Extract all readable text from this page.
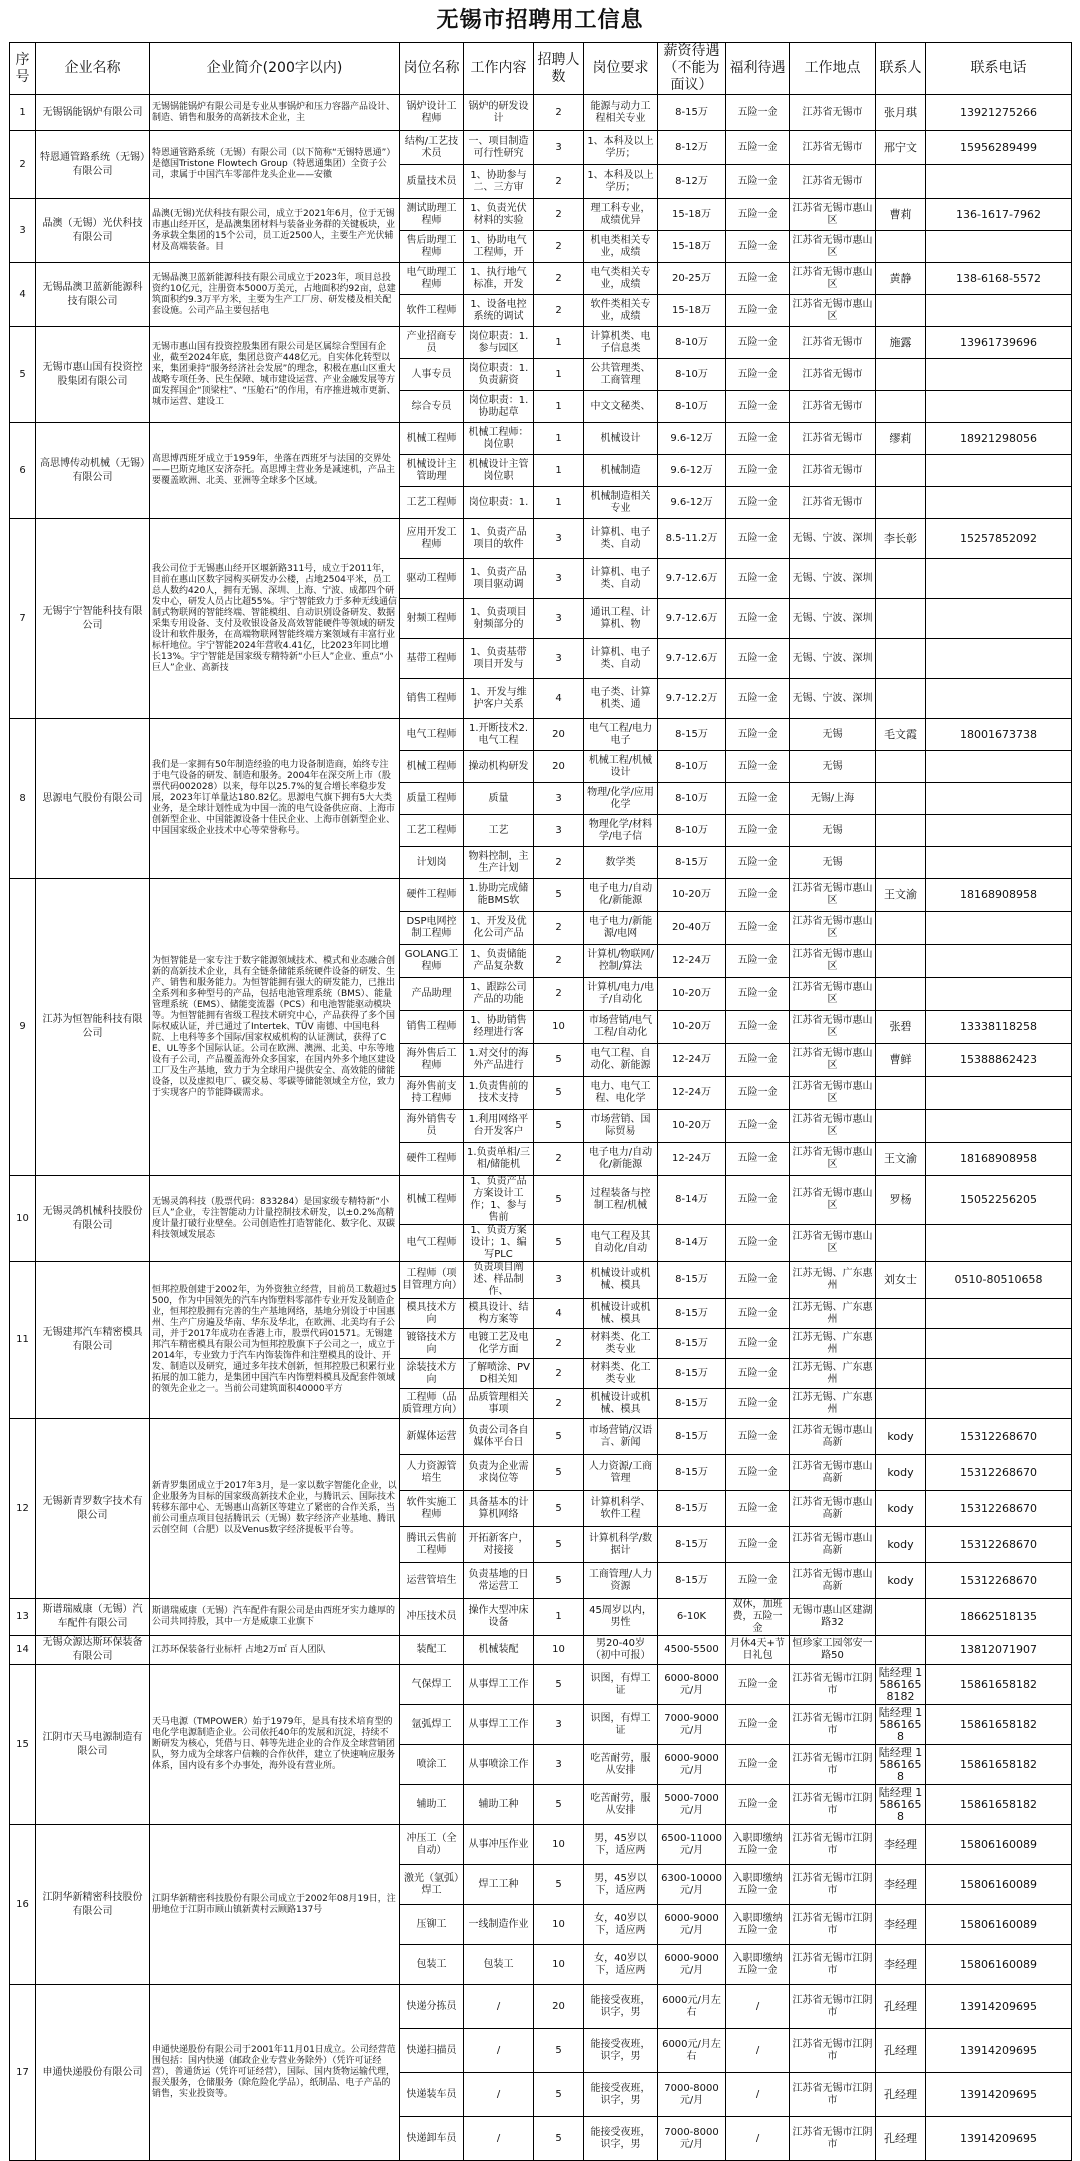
无锡市招聘用工信息
序号	企业名称	企业简介(200字以内)	岗位名称	工作内容	招聘人数	岗位要求	薪资待遇（不能为面议）	福利待遇	工作地点	联系人	联系电话
1	无锡锅能锅炉有限公司	无锡锅能锅炉有限公司是专业从事锅炉和压力容器产品设计、制造、销售和服务的高新技术企业，主	锅炉设计工程师	锅炉的研发设计	2	能源与动力工程相关专业	8-15万	五险一金	江苏省无锡市	张月琪	13921275266
2	特恩通管路系统（无锡）有限公司	特恩通管路系统（无锡）有限公司（以下简称“无锡特恩通”）是德国Tristone Flowtech Group（特恩通集团）全资子公司，隶属于中国汽车零部件龙头企业——安徽	结构/工艺技术员	一、项目制造可行性研究	3	1、本科及以上学历；	8-12万	五险一金	江苏省无锡市	邢宁文	15956289499
			质量技术员	1、协助参与二、三方审	2	1、本科及以上学历；	8-12万	五险一金	江苏省无锡市		
3	晶澳（无锡）光伏科技有限公司	晶澳(无锡)光伏科技有限公司，成立于2021年6月，位于无锡市惠山经开区，是晶澳集团材料与装备业务群的关键板块，业务承载全集团的15个公司，员工近2500人，主要生产光伏辅材及高端装备。目	测试助理工程师	1、负责光伏材料的实验	2	理工科专业，成绩优异	15-18万	五险一金	江苏省无锡市惠山区	曹莉	136-1617-7962
			售后助理工程师	1、协助电气工程师，开	2	机电类相关专业，成绩	15-18万	五险一金	江苏省无锡市惠山区		
4	无锡晶澳卫蓝新能源科技有限公司	无锡晶澳卫蓝新能源科技有限公司成立于2023年，项目总投资约10亿元，注册资本5000万美元，占地面积约92亩，总建筑面积约9.3万平方米，主要为生产工厂房、研发楼及相关配套设施。公司产品主要包括电	电气助理工程师	1、执行地气标准，开发	2	电气类相关专业，成绩	20-25万	五险一金	江苏省无锡市惠山区	黄静	138-6168-5572
			软件工程师	1、设备电控系统的调试	2	软件类相关专业，成绩	15-18万	五险一金	江苏省无锡市惠山区		
5	无锡市惠山国有投资控股集团有限公司	无锡市惠山国有投资控股集团有限公司是区属综合型国有企业，截至2024年底，集团总资产448亿元。自实体化转型以来，集团秉持“服务经济社会发展”的理念，积极在惠山区重大战略专项任务、民生保障、城市建设运营、产业金融发展等方面发挥国企“顶梁柱”、“压舱石”的作用，有序推进城市更新、城市运营、建设工	产业招商专员	岗位职责：1.参与园区	1	计算机类、电子信息类	8-10万	五险一金	江苏省无锡市	施露	13961739696
			人事专员	岗位职责：1.负责薪资	1	公共管理类、工商管理	8-10万	五险一金	江苏省无锡市		
			综合专员	岗位职责：1.协助起草	1	中文文秘类、	8-10万	五险一金	江苏省无锡市		
6	高思博传动机械（无锡）有限公司	高思博西班牙成立于1959年，坐落在西班牙与法国的交界处——巴斯克地区安济奈托。高思博主营业务是减速机，产品主要覆盖欧洲、北美、亚洲等全球多个区域。	机械工程师	机械工程师：岗位职	1	机械设计	9.6-12万	五险一金	江苏省无锡市	缪莉	18921298056
			机械设计主管助理	机械设计主管岗位职	1	机械制造	9.6-12万	五险一金	江苏省无锡市		
			工艺工程师	岗位职责：1.	1	机械制造相关专业	9.6-12万	五险一金	江苏省无锡市		
7	无锡宇宁智能科技有限公司	我公司位于无锡惠山经开区堰新路311号，成立于2011年，目前在惠山区数字园构买研发办公楼，占地2504平米，员工总人数约420人，拥有无锡、深圳、上海、宁波、成都四个研发中心，研发人员占比超55%。宇宁智能致力于多种无线通信制式物联网的智能终端、智能模组、自动识别设备研发、数据采集专用设备、支付及收银设备及高效智能硬件等领域的研发设计和软件服务，在高端物联网智能终端方案领域有丰富行业标杆地位。宇宁智能2024年营收4.41亿，比2023年同比增长13%。宇宁智能是国家级专精特新“小巨人”企业、重点“小巨人”企业、高新技	应用开发工程师	1、负责产品项目的软件	3	计算机、电子类、自动	8.5-11.2万	五险一金	无锡、宁波、深圳	李长彰	15257852092
			驱动工程师	1、负责产品项目驱动调	3	计算机、电子类、自动	9.7-12.6万	五险一金	无锡、宁波、深圳		
			射频工程师	1、负责项目射频部分的	3	通讯工程、计算机、物	9.7-12.6万	五险一金	无锡、宁波、深圳		
			基带工程师	1、负责基带项目开发与	3	计算机、电子类、自动	9.7-12.6万	五险一金	无锡、宁波、深圳		
			销售工程师	1、开发与维护客户关系	4	电子类、计算机类、通	9.7-12.2万	五险一金	无锡、宁波、深圳		
8	思源电气股份有限公司	我们是一家拥有50年制造经验的电力设备制造商，始终专注于电气设备的研发、制造和服务。2004年在深交所上市（股票代码002028）以来，每年以25.7%的复合增长率稳步发展，2023年订单量达180.82亿。思源电气旗下拥有5大大类业务，是全球计划性成为中国一流的电气设备供应商、上海市创新型企业、中国能源设备十佳民企业、上海市创新型企业、中国国家级企业技术中心等荣誉称号。	电气工程师	1.开断技术2.电气工程	20	电气工程/电力电子	8-15万	五险一金	无锡	毛文霞	18001673738
			机械工程师	操动机构研发	20	机械工程/机械设计	8-10万	五险一金	无锡		
			质量工程师	质量	3	物理/化学/应用化学	8-10万	五险一金	无锡/上海		
			工艺工程师	工艺	3	物理化学/材料学/电子信	8-10万	五险一金	无锡		
			计划岗	物料控制，主生产计划	2	数学类	8-15万	五险一金	无锡		
9	江苏为恒智能科技有限公司	为恒智能是一家专注于数字能源领域技术、模式和业态融合创新的高新技术企业，具有全链条储能系统硬件设备的研发、生产、销售和服务能力。为恒智能拥有强大的研发能力，已推出全系列和多种型号的产品，包括电池管理系统（BMS）、能量管理系统（EMS）、储能变流器（PCS）和电池智能驱动模块等。为恒智能拥有省级工程技术研究中心，产品获得了多个国际权威认证，并已通过了Intertek、TÜV 南德、中国电科院、上电科等多个国际/国家权威机构的认证测试，获得了CE、UL等多个国际认证。公司在欧洲、澳洲、北美、中东等地设有子公司，产品覆盖海外众多国家，在国内外多个地区建设工厂及生产基地，致力于为全球用户提供安全、高效能的储能设备，以及虚拟电厂、碳交易、零碳等储能领域全方位，致力于实现客户的节能降碳需求。	硬件工程师	1.协助完成储能BMS软	5	电子电力/自动化/新能源	10-20万	五险一金	江苏省无锡市惠山区	王文渝	18168908958
			DSP电网控制工程师	1、开发及优化公司产品	2	电子电力/新能源/电网	20-40万	五险一金	江苏省无锡市惠山区		
			GOLANG工程师	1、负责储能产品复杂数	2	计算机/物联网/控制/算法	12-24万	五险一金	江苏省无锡市惠山区		
			产品助理	1、跟踪公司产品的功能	2	计算机/电力/电子/自动化	10-20万	五险一金	江苏省无锡市惠山区		
			销售工程师	1、协助销售经理进行客	10	市场营销/电气工程/自动化	10-20万	五险一金	江苏省无锡市惠山区	张碧	13338118258
			海外售后工程师	1.对交付的海外产品进行	5	电气工程、自动化、新能源	12-24万	五险一金	江苏省无锡市惠山区	曹鲜	15388862423
			海外售前支持工程师	1.负责售前的技术支持	5	电力、电气工程、电化学	12-24万	五险一金	江苏省无锡市惠山区		
			海外销售专员	1.利用网络平台开发客户	5	市场营销、国际贸易	10-20万	五险一金	江苏省无锡市惠山区		
			硬件工程师	1.负责单相/三相/储能机	2	电子电力/自动化/新能源	12-24万	五险一金	江苏省无锡市惠山区	王文渝	18168908958
10	无锡灵鸽机械科技股份有限公司	无锡灵鸽科技（股票代码：833284）是国家级专精特新“小巨人”企业，专注智能动力计量控制技术研发，以±0.2%高精度计量打破行业壁垒。公司创造性打造智能化、数字化、双碳科技领域发展态	机械工程师	1、负责产品方案设计工作；1、参与售前	5	过程装备与控制工程/机械	8-14万	五险一金	江苏省无锡市惠山区	罗杨	15052256205
			电气工程师	1、负责方案设计；1、编写PLC	5	电气工程及其自动化/自动	8-14万	五险一金	江苏省无锡市惠山区		
11	无锡建邦汽车精密模具有限公司	恒邦控股创建于2002年，为外资独立经营，目前员工数超过5500，作为中国领先的汽车内饰塑料零部件专业开发及制造企业，恒邦控股拥有完善的生产基地网络，基地分别设于中国惠州、生产广房遍及华南、华东及华北，在欧洲、北美均有子公司，并于2017年成功在香港上市，股票代码01571。无锡建邦汽车精密模具有限公司为恒邦控股旗下子公司之一，成立于2014年，专业致力于汽车内饰装饰件和注塑模具的设计、开发、制造以及研究，通过多年技术创新，恒邦控股已积累行业拓展的加工能力，是集团中国汽车内饰塑料模具及配套件领域的领先企业之一。当前公司建筑面积40000平方	工程师（项目管理方向）	负责项目阐述、样品制作、	3	机械设计或机械、模具	8-15万	五险一金	江苏无锡、广东惠州	刘女士	0510-80510658
			模具技术方向	模具设计、结构方案等	4	机械设计或机械、模具	8-15万	五险一金	江苏无锡、广东惠州		
			镀铬技术方向	电镀工艺及电化学方面	2	材料类、化工类专业	8-15万	五险一金	江苏无锡、广东惠州		
			涂装技术方向	了解喷涂、PVD相关知	2	材料类、化工类专业	8-15万	五险一金	江苏无锡、广东惠州		
			工程师（品质管理方向）	品质管理相关事项	2	机械设计或机械、模具	8-15万	五险一金	江苏无锡、广东惠州		
12	无锡新青罗数字技术有限公司	新青罗集团成立于2017年3月，是一家以数字智能化企业，以企业服务为目标的国家级高新技术企业，与腾讯云、国际技术转移东部中心、无锡惠山高新区等建立了紧密的合作关系，当前公司重点项目包括腾讯云（无锡）数字经济产业基地、腾讯云创空间（合肥）以及Venus数字经济提板平台等。	新媒体运营	负责公司各自媒体平台日	5	市场营销/汉语言、新闻	8-15万	五险一金	江苏省无锡市惠山高新	kody	15312268670
			人力资源管培生	负责为企业需求岗位等	5	人力资源/工商管理	8-15万	五险一金	江苏省无锡市惠山高新	kody	15312268670
			软件实施工程师	具备基本的计算机网络	5	计算机科学、软件工程	8-15万	五险一金	江苏省无锡市惠山高新	kody	15312268670
			腾讯云售前工程师	开拓新客户，对接接	5	计算机科学/数据计	8-15万	五险一金	江苏省无锡市惠山高新	kody	15312268670
			运营管培生	负责基地的日常运营工	5	工商管理/人力资源	8-15万	五险一金	江苏省无锡市惠山高新	kody	15312268670
13	斯谱瑞威康（无锡）汽车配件有限公司	斯谱瑞威康（无锡）汽车配件有限公司是由西班牙实力雄厚的公司共同持股，其中一方是威康工业旗下	冲压技术员	操作大型冲床设备	1	45周岁以内，男性	6-10K	双休，加班费，五险一金	无锡市惠山区建湖路32		18662518135
14	无锡众源达斯环保装备有限公司	江苏环保装备行业标杆 占地2万㎡ 百人团队	装配工	机械装配	10	男20-40岁（初中可报）	4500-5500	月休4天+节日礼包	恒珍家工园邻安一路50		13812071907
15	江阴市天马电源制造有限公司	天马电源（TMPOWER）始于1979年，是具有技术培育型的电化学电源制造企业。公司依托40年的发展和沉淀，持续不断研发为核心，凭借与日、韩等先进企业的合作及全球营销团队，努力成为全球客户信赖的合作伙伴，建立了快速响应服务体系，国内设有多个办事处，海外设有营业所。	气保焊工	从事焊工工作	5	识图，有焊工证	6000-8000元/月	五险一金	江苏省无锡市江阴市	陆经理 15861658182	15861658182
			氩弧焊工	从事焊工工作	3	识图，有焊工证	7000-9000元/月	五险一金	江苏省无锡市江阴市	陆经理 15861658	15861658182
			喷涂工	从事喷涂工作	3	吃苦耐劳，服从安排	6000-9000元/月	五险一金	江苏省无锡市江阴市	陆经理 15861658	15861658182
			辅助工	辅助工种	5	吃苦耐劳，服从安排	5000-7000元/月	五险一金	江苏省无锡市江阴市	陆经理 15861658	15861658182
16	江阴华新精密科技股份有限公司	江阴华新精密科技股份有限公司成立于2002年08月19日，注册地位于江阴市顾山镇新黄村云顾路137号	冲压工（全自动）	从事冲压作业	10	男，45岁以下，适应两	6500-11000元/月	入职即缴纳五险一金	江苏省无锡市江阴市	李经理	15806160089
			激光（氩弧）焊工	焊工工种	5	男，45岁以下，适应两	6300-10000元/月	入职即缴纳五险一金	江苏省无锡市江阴市	李经理	15806160089
			压铆工	一线制造作业	10	女，40岁以下，适应两	6000-9000元/月	入职即缴纳五险一金	江苏省无锡市江阴市	李经理	15806160089
			包装工	包装工	10	女，40岁以下，适应两	6000-9000元/月	入职即缴纳五险一金	江苏省无锡市江阴市	李经理	15806160089
17	申通快递股份有限公司	申通快递股份有限公司于2001年11月01日成立。公司经营范围包括：国内快递（邮政企业专营业务除外）（凭许可证经营），普通货运（凭许可证经营），国际、国内货物运输代理，报关服务，仓储服务（除危险化学品），纸制品、电子产品的销售，实业投资等。	快递分拣员	/	20	能接受夜班，识字，男	6000元/月左右	/	江苏省无锡市江阴市	孔经理	13914209695
			快递扫描员	/	5	能接受夜班，识字，男	6000元/月左右	/	江苏省无锡市江阴市	孔经理	13914209695
			快递装车员	/	5	能接受夜班，识字，男	7000-8000元/月	/	江苏省无锡市江阴市	孔经理	13914209695
			快递卸车员	/	5	能接受夜班，识字，男	7000-8000元/月	/	江苏省无锡市江阴市	孔经理	13914209695
